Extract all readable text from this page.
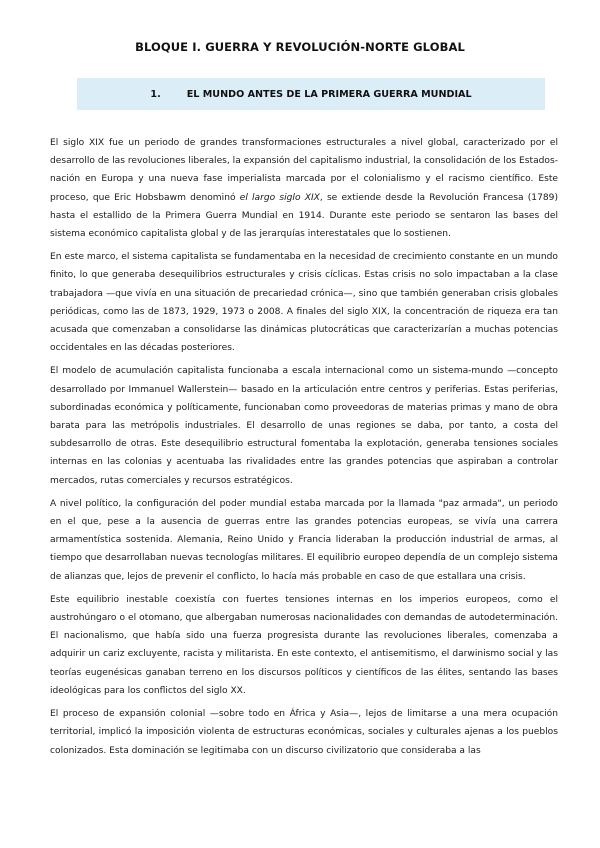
BLOQUE I. GUERRA Y REVOLUCIÓN-NORTE GLOBAL
1.	EL MUNDO ANTES DE LA PRIMERA GUERRA MUNDIAL

El siglo XIX fue un periodo de grandes transformaciones estructurales a nivel global, caracterizado por el desarrollo de las revoluciones liberales, la expansión del capitalismo industrial, la consolidación de los Estados-nación en Europa y una nueva fase imperialista marcada por el colonialismo y el racismo científico. Este proceso, que Eric Hobsbawm denominó el largo siglo XIX, se extiende desde la Revolución Francesa (1789) hasta el estallido de la Primera Guerra Mundial en 1914. Durante este periodo se sentaron las bases del sistema económico capitalista global y de las jerarquías interestatales que lo sostienen.

En este marco, el sistema capitalista se fundamentaba en la necesidad de crecimiento constante en un mundo finito, lo que generaba desequilibrios estructurales y crisis cíclicas. Estas crisis no solo impactaban a la clase trabajadora —que vivía en una situación de precariedad crónica—, sino que también generaban crisis globales periódicas, como las de 1873, 1929, 1973 o 2008. A finales del siglo XIX, la concentración de riqueza era tan acusada que comenzaban a consolidarse las dinámicas plutocráticas que caracterizarían a muchas potencias occidentales en las décadas posteriores.

El modelo de acumulación capitalista funcionaba a escala internacional como un sistema-mundo —concepto desarrollado por Immanuel Wallerstein— basado en la articulación entre centros y periferias. Estas periferias, subordinadas económica y políticamente, funcionaban como proveedoras de materias primas y mano de obra barata para las metrópolis industriales. El desarrollo de unas regiones se daba, por tanto, a costa del subdesarrollo de otras. Este desequilibrio estructural fomentaba la explotación, generaba tensiones sociales internas en las colonias y acentuaba las rivalidades entre las grandes potencias que aspiraban a controlar mercados, rutas comerciales y recursos estratégicos.

A nivel político, la configuración del poder mundial estaba marcada por la llamada "paz armada", un periodo en el que, pese a la ausencia de guerras entre las grandes potencias europeas, se vivía una carrera armamentística sostenida. Alemania, Reino Unido y Francia lideraban la producción industrial de armas, al tiempo que desarrollaban nuevas tecnologías militares. El equilibrio europeo dependía de un complejo sistema de alianzas que, lejos de prevenir el conflicto, lo hacía más probable en caso de que estallara una crisis.

Este equilibrio inestable coexistía con fuertes tensiones internas en los imperios europeos, como el austrohúngaro o el otomano, que albergaban numerosas nacionalidades con demandas de autodeterminación. El nacionalismo, que había sido una fuerza progresista durante las revoluciones liberales, comenzaba a adquirir un cariz excluyente, racista y militarista. En este contexto, el antisemitismo, el darwinismo social y las teorías eugenésicas ganaban terreno en los discursos políticos y científicos de las élites, sentando las bases ideológicas para los conflictos del siglo XX.

El proceso de expansión colonial —sobre todo en África y Asia—, lejos de limitarse a una mera ocupación territorial, implicó la imposición violenta de estructuras económicas, sociales y culturales ajenas a los pueblos colonizados. Esta dominación se legitimaba con un discurso civilizatorio que consideraba a las
